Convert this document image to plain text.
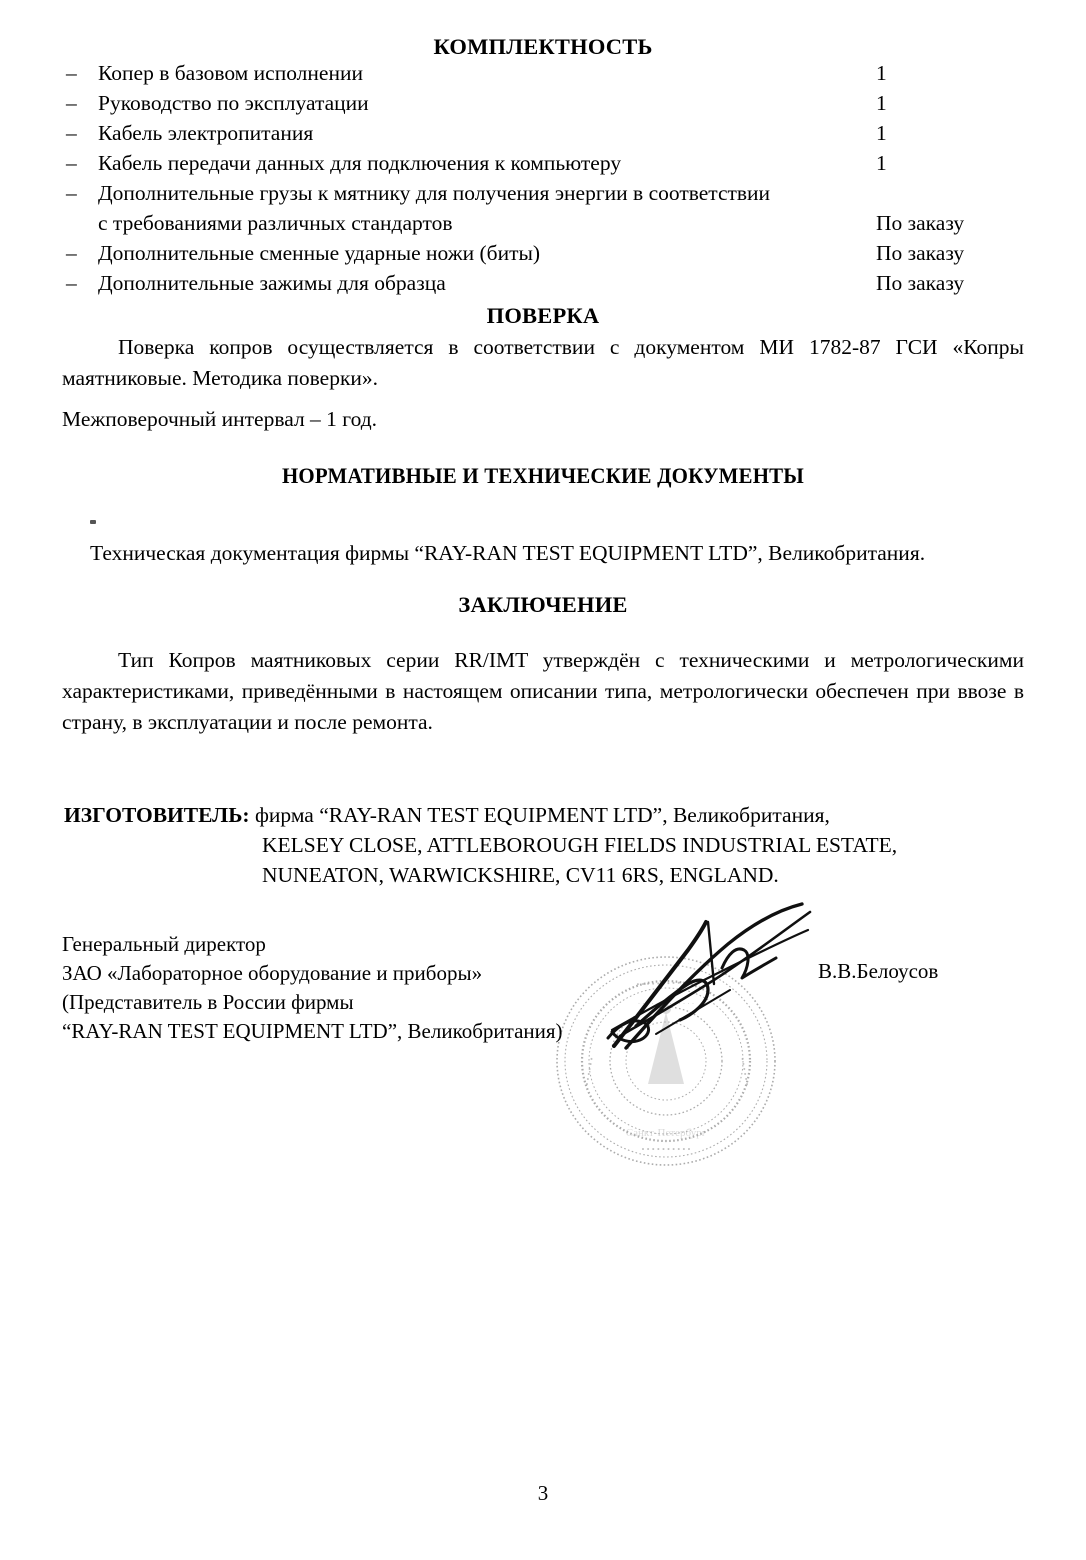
КОМПЛЕКТНОСТЬ
– Копер в базовом исполнении	1
– Руководство по эксплуатации	1
– Кабель электропитания	1
– Кабель передачи данных для подключения к компьютеру	1
– Дополнительные грузы к мятнику для получения энергии в соответствии
с требованиями различных стандартов	По заказу
– Дополнительные сменные ударные ножи (биты)	По заказу
– Дополнительные зажимы для образца	По заказу
ПОВЕРКА
Поверка копров осуществляется в соответствии с документом МИ 1782-87 ГСИ «Копры маятниковые. Методика поверки».
Межповерочный интервал – 1 год.
НОРМАТИВНЫЕ И ТЕХНИЧЕСКИЕ ДОКУМЕНТЫ
Техническая документация фирмы “RAY-RAN TEST EQUIPMENT LTD”, Великобритания.
ЗАКЛЮЧЕНИЕ
Тип Копров маятниковых серии RR/IMT утверждён с техническими и метрологическими характеристиками, приведёнными в настоящем описании типа, метрологически обеспечен при ввозе в страну, в эксплуатации и после ремонта.
ИЗГОТОВИТЕЛЬ: фирма “RAY-RAN TEST EQUIPMENT LTD”, Великобритания,
KELSEY CLOSE, ATTLEBOROUGH FIELDS INDUSTRIAL ESTATE,
NUNEATON, WARWICKSHIRE, CV11 6RS, ENGLAND.
Генеральный директор
ЗАО «Лабораторное оборудование и приборы»
(Представитель в России фирмы
“RAY-RAN TEST EQUIPMENT LTD”, Великобритания)
В.В.Белоусов
• • • • • • • • • • • •
• • • • • • • • • •
• • • • • •	• • • • • •
Санкт-Петербург
. . . . . . . . . . . . .
3
